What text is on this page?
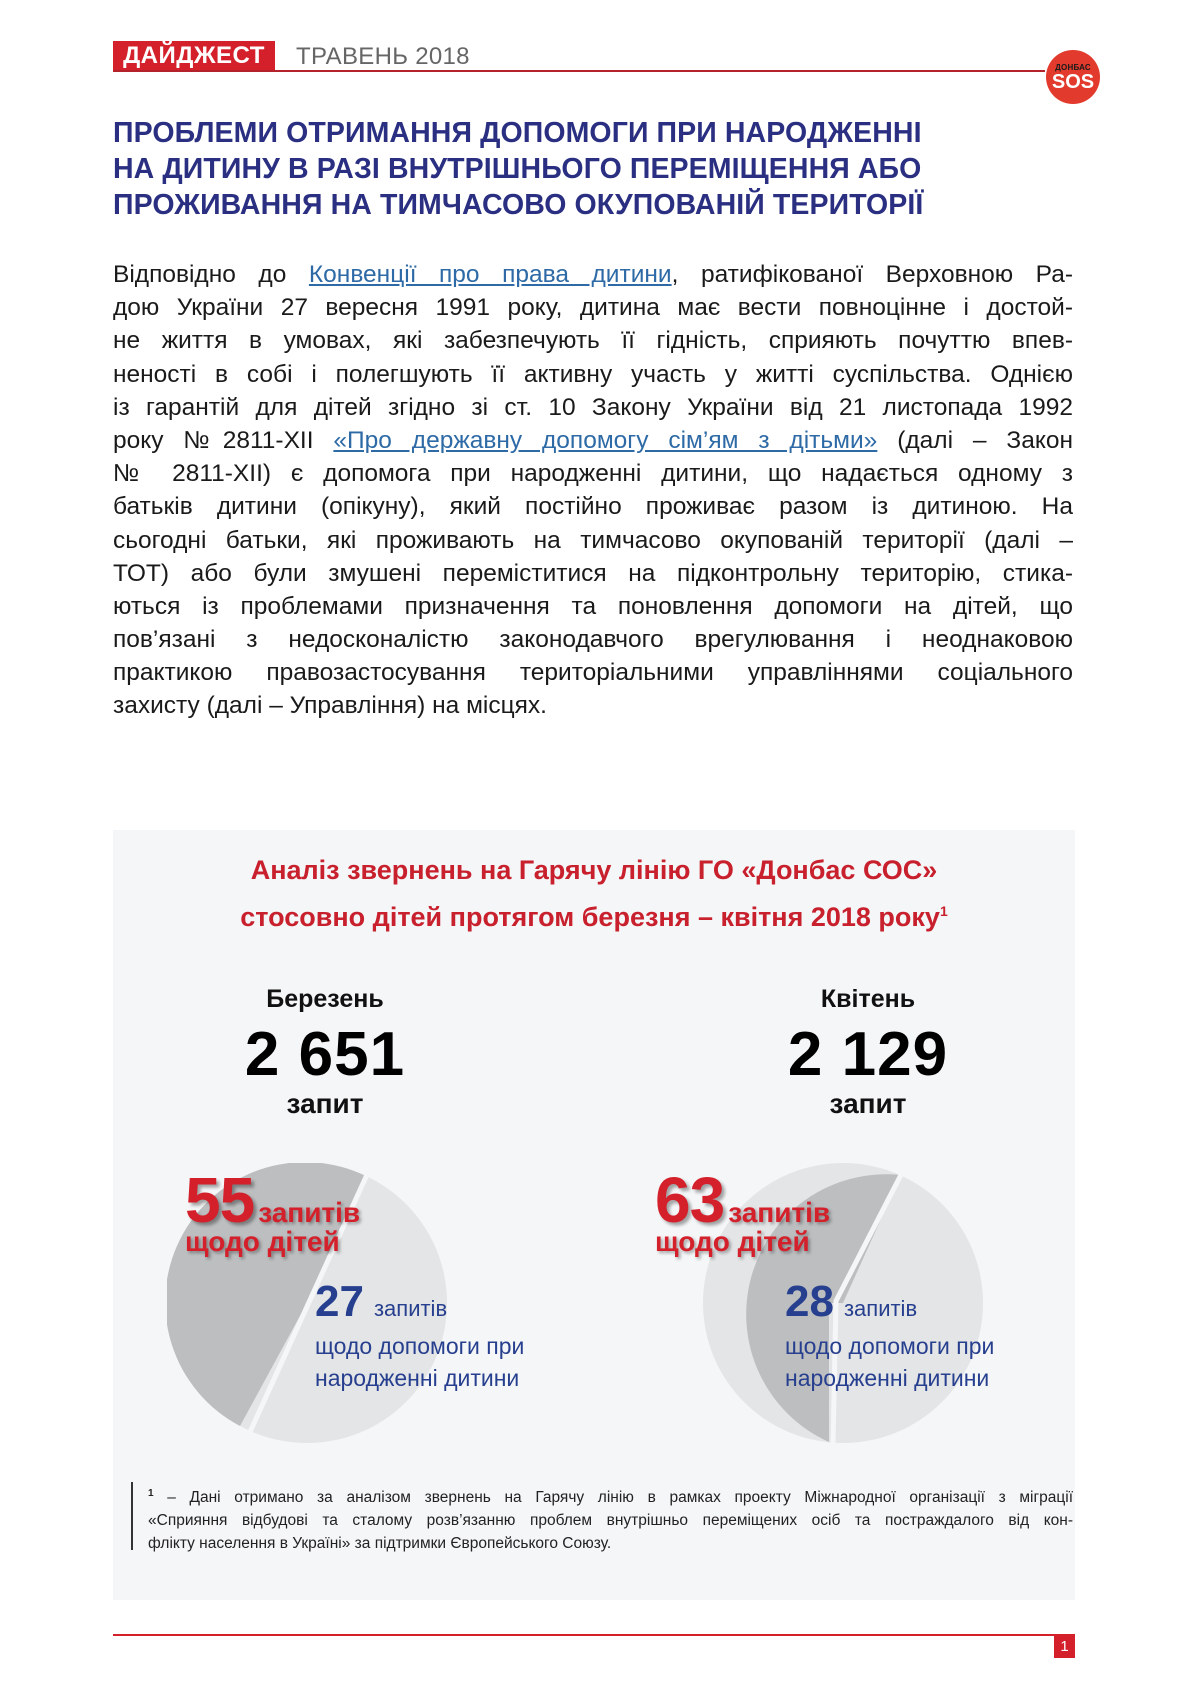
ДАЙДЖЕСТ	ТРАВЕНЬ 2018	ДОНБАС
SOS
ПРОБЛЕМИ ОТРИМАННЯ ДОПОМОГИ ПРИ НАРОДЖЕННІ
НА ДИТИНУ В РАЗІ ВНУТРІШНЬОГО ПЕРЕМІЩЕННЯ АБО
ПРОЖИВАННЯ НА ТИМЧАСОВО ОКУПОВАНІЙ ТЕРИТОРІЇ
Відповідно до Конвенції про права дитини, ратифікованої Верховною Ра-
дою України 27 вересня 1991 року, дитина має вести повноцінне і достой-
не життя в умовах, які забезпечують її гідність, сприяють почуттю впев-
неності в собі і полегшують її активну участь у житті суспільства. Однією
із гарантій для дітей згідно зі ст. 10 Закону України від 21 листопада 1992
року №2811-XII «Про державну допомогу сім’ям з дітьми» (далі – Закон
№ 2811-XII) є допомога при народженні дитини, що надається одному з
батьків дитини (опікуну), який постійно проживає разом із дитиною. На
сьогодні батьки, які проживають на тимчасово окупованій території (далі –
ТОТ) або були змушені переміститися на підконтрольну територію, стика-
ються із проблемами призначення та поновлення допомоги на дітей, що
пов’язані з недосконалістю законодавчого врегулювання і неоднаковою
практикою правозастосування територіальними управліннями соціального
захисту (далі – Управління) на місцях.
Аналіз звернень на Гарячу лінію ГО «Донбас СОС»
стосовно дітей протягом березня – квітня 2018 року$^1$
Березень
2 651
запит
Квітень
2 129
запит
55 запитів
щодо дітей
27 запитів
щодо допомоги при
народженні дитини
63 запитів
щодо дітей
28 запитів
щодо допомоги при
народженні дитини
$^1$ – Дані отримано за аналізом звернень на Гарячу лінію в рамках проекту Міжнародної організації з міграції
«Сприяння відбудові та сталому розв’язанню проблем внутрішньо переміщених осіб та постраждалого від кон-
флікту населення в Україні» за підтримки Європейського Союзу.
1
